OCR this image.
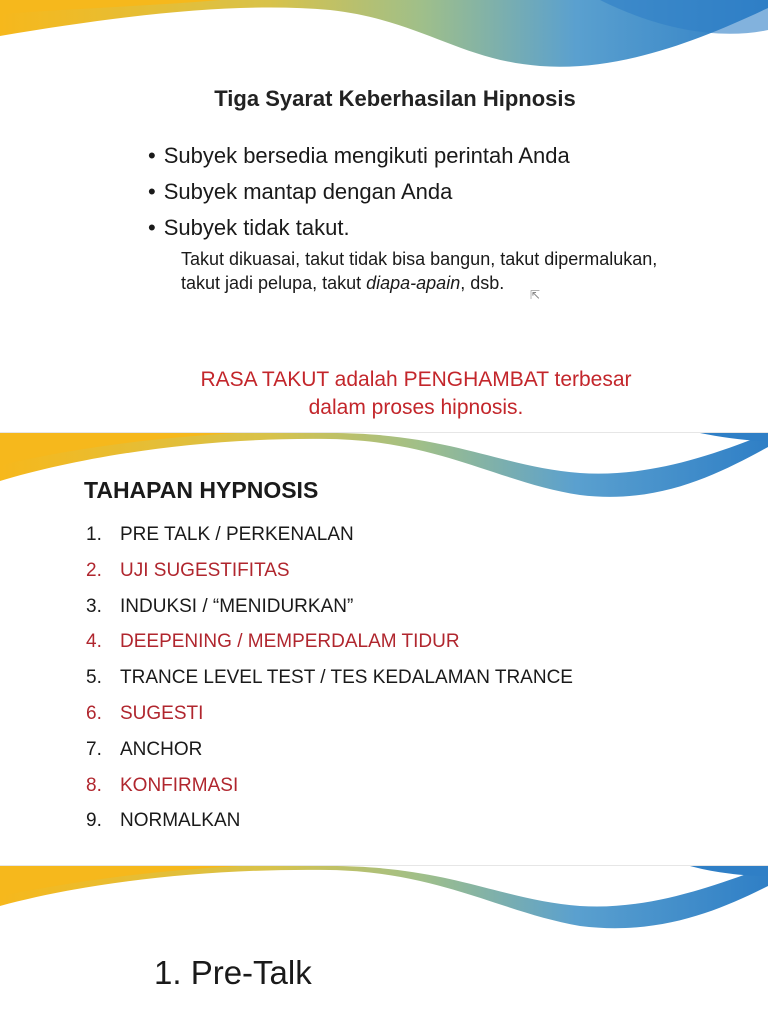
Tiga Syarat Keberhasilan Hipnosis
• Subyek bersedia mengikuti perintah Anda
• Subyek mantap dengan Anda
• Subyek tidak takut.
Takut dikuasai, takut tidak bisa bangun, takut dipermalukan, takut jadi pelupa, takut diapa-apain, dsb.
⇱
RASA TAKUT adalah PENGHAMBAT terbesar
dalam proses hipnosis.
TAHAPAN HYPNOSIS
1. PRE TALK / PERKENALAN
2. UJI SUGESTIFITAS
3. INDUKSI / “MENIDURKAN”
4. DEEPENING / MEMPERDALAM TIDUR
5. TRANCE LEVEL TEST / TES KEDALAMAN TRANCE
6. SUGESTI
7. ANCHOR
8. KONFIRMASI
9. NORMALKAN
1. Pre-Talk
